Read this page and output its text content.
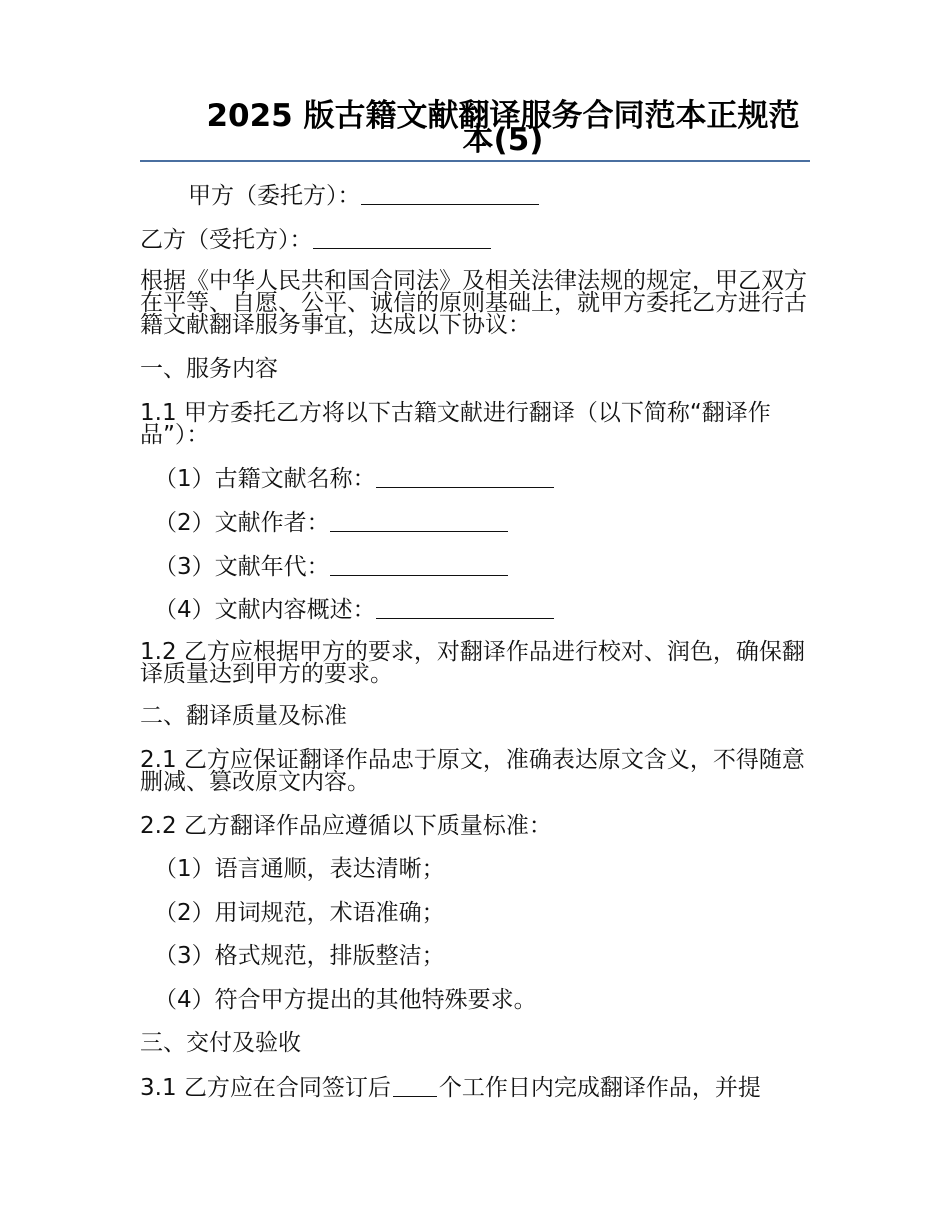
2025 版古籍文献翻译服务合同范本正规范本(5)
甲方（委托方）：
乙方（受托方）：
根据《中华人民共和国合同法》及相关法律法规的规定，甲乙双方在平等、自愿、公平、诚信的原则基础上，就甲方委托乙方进行古籍文献翻译服务事宜，达成以下协议：
一、服务内容
1.1 甲方委托乙方将以下古籍文献进行翻译（以下简称“翻译作品”）：
（1）古籍文献名称：
（2）文献作者：
（3）文献年代：
（4）文献内容概述：
1.2 乙方应根据甲方的要求，对翻译作品进行校对、润色，确保翻译质量达到甲方的要求。
二、翻译质量及标准
2.1 乙方应保证翻译作品忠于原文，准确表达原文含义，不得随意删减、篡改原文内容。
2.2 乙方翻译作品应遵循以下质量标准：
（1）语言通顺，表达清晰；
（2）用词规范，术语准确；
（3）格式规范，排版整洁；
（4）符合甲方提出的其他特殊要求。
三、交付及验收
3.1 乙方应在合同签订后 个工作日内完成翻译作品，并提
